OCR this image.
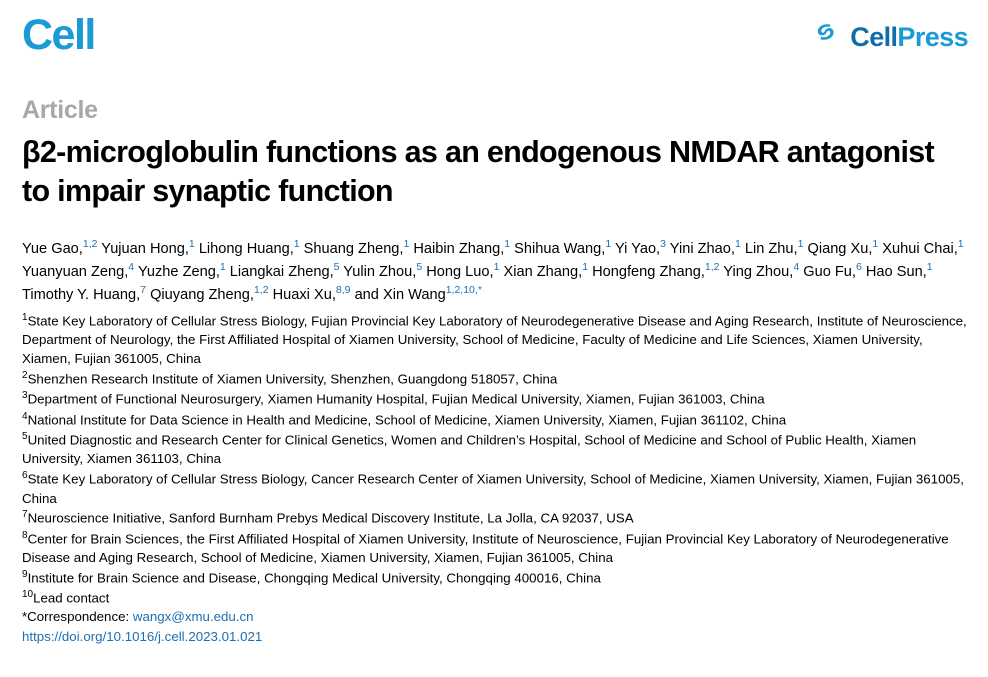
Cell	CellPress
Article
β2-microglobulin functions as an endogenous NMDAR antagonist to impair synaptic function
Yue Gao,$^{1,2}$ Yujuan Hong,$^1$ Lihong Huang,$^1$ Shuang Zheng,$^1$ Haibin Zhang,$^1$ Shihua Wang,$^1$ Yi Yao,$^3$ Yini Zhao,$^1$ Lin Zhu,$^1$ Qiang Xu,$^1$ Xuhui Chai,$^1$ Yuanyuan Zeng,$^4$ Yuzhe Zeng,$^1$ Liangkai Zheng,$^5$ Yulin Zhou,$^5$ Hong Luo,$^1$ Xian Zhang,$^1$ Hongfeng Zhang,$^{1,2}$ Ying Zhou,$^4$ Guo Fu,$^6$ Hao Sun,$^1$ Timothy Y. Huang,$^7$ Qiuyang Zheng,$^{1,2}$ Huaxi Xu,$^{8,9}$ and Xin Wang$^{1,2,10,*}$

$^1$State Key Laboratory of Cellular Stress Biology, Fujian Provincial Key Laboratory of Neurodegenerative Disease and Aging Research, Institute of Neuroscience, Department of Neurology, the First Affiliated Hospital of Xiamen University, School of Medicine, Faculty of Medicine and Life Sciences, Xiamen University, Xiamen, Fujian 361005, China

$^2$Shenzhen Research Institute of Xiamen University, Shenzhen, Guangdong 518057, China

$^3$Department of Functional Neurosurgery, Xiamen Humanity Hospital, Fujian Medical University, Xiamen, Fujian 361003, China

$^4$National Institute for Data Science in Health and Medicine, School of Medicine, Xiamen University, Xiamen, Fujian 361102, China

$^5$United Diagnostic and Research Center for Clinical Genetics, Women and Children’s Hospital, School of Medicine and School of Public Health, Xiamen University, Xiamen 361103, China

$^6$State Key Laboratory of Cellular Stress Biology, Cancer Research Center of Xiamen University, School of Medicine, Xiamen University, Xiamen, Fujian 361005, China

$^7$Neuroscience Initiative, Sanford Burnham Prebys Medical Discovery Institute, La Jolla, CA 92037, USA

$^8$Center for Brain Sciences, the First Affiliated Hospital of Xiamen University, Institute of Neuroscience, Fujian Provincial Key Laboratory of Neurodegenerative Disease and Aging Research, School of Medicine, Xiamen University, Xiamen, Fujian 361005, China

$^9$Institute for Brain Science and Disease, Chongqing Medical University, Chongqing 400016, China

$^{10}$Lead contact

*Correspondence: wangx@xmu.edu.cn
https://doi.org/10.1016/j.cell.2023.01.021
